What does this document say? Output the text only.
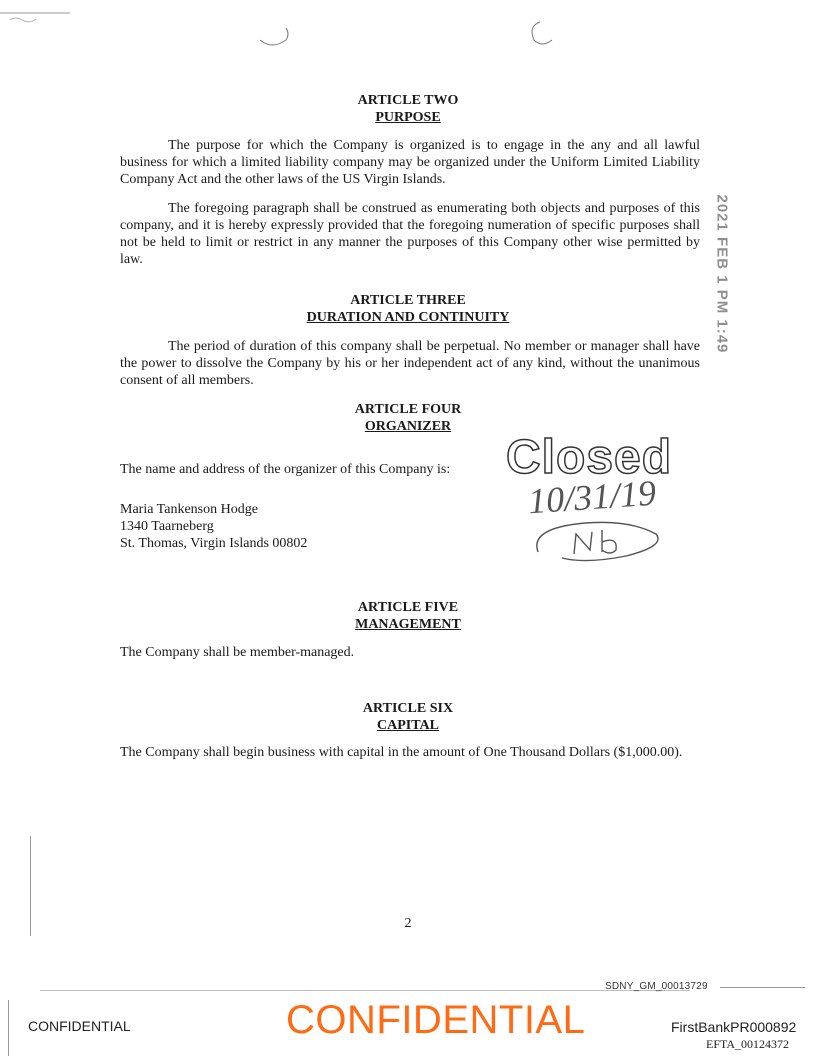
ARTICLE TWO
PURPOSE

The purpose for which the Company is organized is to engage in the any and all lawful business for which a limited liability company may be organized under the Uniform Limited Liability Company Act and the other laws of the US Virgin Islands.

The foregoing paragraph shall be construed as enumerating both objects and purposes of this company, and it is hereby expressly provided that the foregoing numeration of specific purposes shall not be held to limit or restrict in any manner the purposes of this Company other wise permitted by law.

ARTICLE THREE
DURATION AND CONTINUITY

The period of duration of this company shall be perpetual. No member or manager shall have the power to dissolve the Company by his or her independent act of any kind, without the unanimous consent of all members.

ARTICLE FOUR
ORGANIZER
The name and address of the organizer of this Company is:
Maria Tankenson Hodge
1340 Taarneberg
St. Thomas, Virgin Islands 00802
Closed
10/31/19
2021 FEB 1 PM 1:49
ARTICLE FIVE
MANAGEMENT
The Company shall be member-managed.
ARTICLE SIX
CAPITAL

The Company shall begin business with capital in the amount of One Thousand Dollars ($1,000.00).

2
SDNY_GM_00013729
CONFIDENTIAL	CONFIDENTIAL	FirstBankPR000892
EFTA_00124372
